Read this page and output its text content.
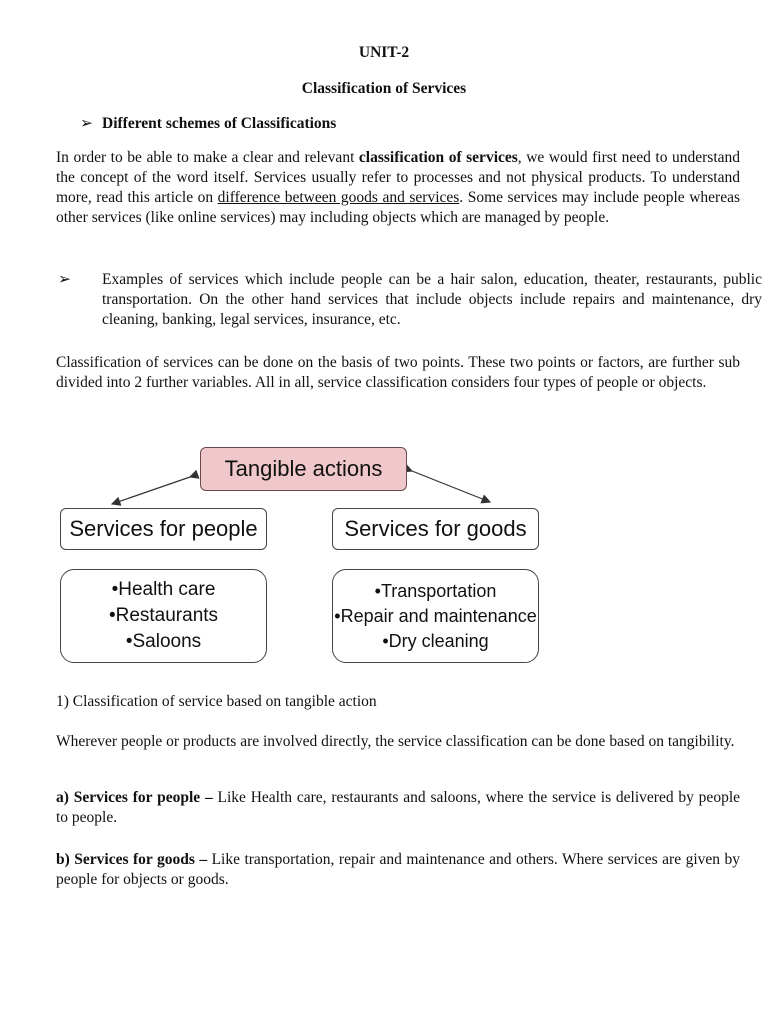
UNIT-2
Classification of Services
➢ Different schemes of Classifications
In order to be able to make a clear and relevant classification of services, we would first need to understand the concept of the word itself. Services usually refer to processes and not physical products. To understand more, read this article on difference between goods and services. Some services may include people whereas other services (like online services) may including objects which are managed by people.
➢ Examples of services which include people can be a hair salon, education, theater, restaurants, public transportation. On the other hand services that include objects include repairs and maintenance, dry cleaning, banking, legal services, insurance, etc.
Classification of services can be done on the basis of two points. These two points or factors, are further sub divided into 2 further variables. All in all, service classification considers four types of people or objects.
Tangible actions
Services for people	Services for goods
•Health care
•Restaurants
•Saloons
•Transportation
•Repair and maintenance
•Dry cleaning
1) Classification of service based on tangible action
Wherever people or products are involved directly, the service classification can be done based on tangibility.
a) Services for people – Like Health care, restaurants and saloons, where the service is delivered by people to people.
b) Services for goods – Like transportation, repair and maintenance and others. Where services are given by people for objects or goods.
